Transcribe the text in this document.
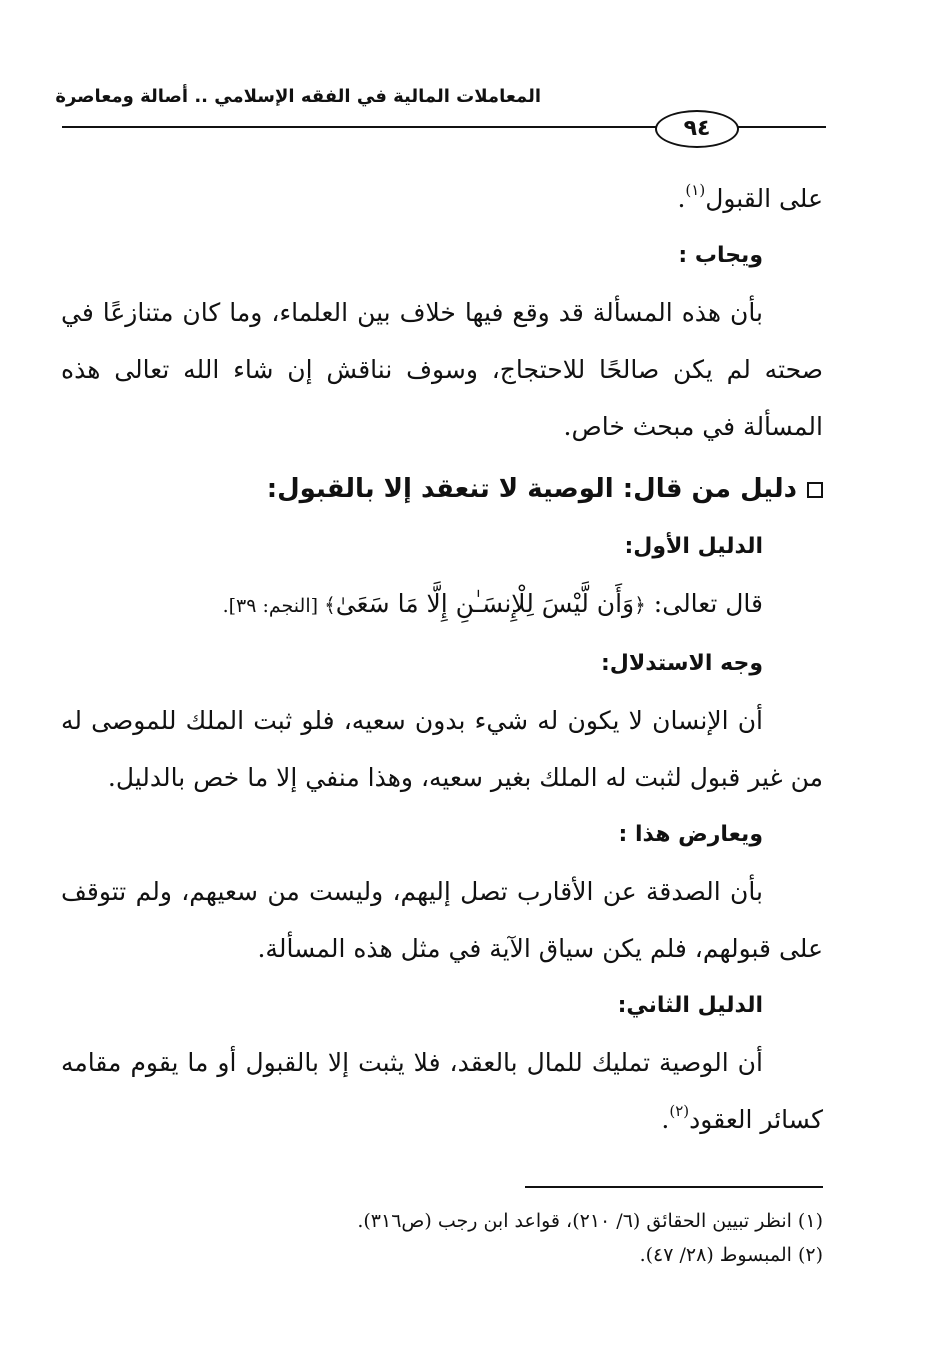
المعاملات المالية في الفقه الإسلامي .. أصالة ومعاصرة
٩٤

على القبول$^{(١)}$.

ويجاب :

بأن هذه المسألة قد وقع فيها خلاف بين العلماء، وما كان متنازعًا في صحته لم يكن صالحًا للاحتجاج، وسوف نناقش إن شاء الله تعالى هذه المسألة في مبحث خاص.

دليل من قال: الوصية لا تنعقد إلا بالقبول:
الدليل الأول:

قال تعالى: ﴿وَأَن لَّيْسَ لِلْإِنسَـٰنِ إِلَّا مَا سَعَىٰ﴾ [النجم: ٣٩].

وجه الاستدلال:

أن الإنسان لا يكون له شيء بدون سعيه، فلو ثبت الملك للموصى له من غير قبول لثبت له الملك بغير سعيه، وهذا منفي إلا ما خص بالدليل.

ويعارض هذا :

بأن الصدقة عن الأقارب تصل إليهم، وليست من سعيهم، ولم تتوقف على قبولهم، فلم يكن سياق الآية في مثل هذه المسألة.

الدليل الثاني:

أن الوصية تمليك للمال بالعقد، فلا يثبت إلا بالقبول أو ما يقوم مقامه كسائر العقود$^{(٢)}$.

(١) انظر تبيين الحقائق (٦/ ٢١٠)، قواعد ابن رجب (ص٣١٦).

(٢) المبسوط (٢٨/ ٤٧).
